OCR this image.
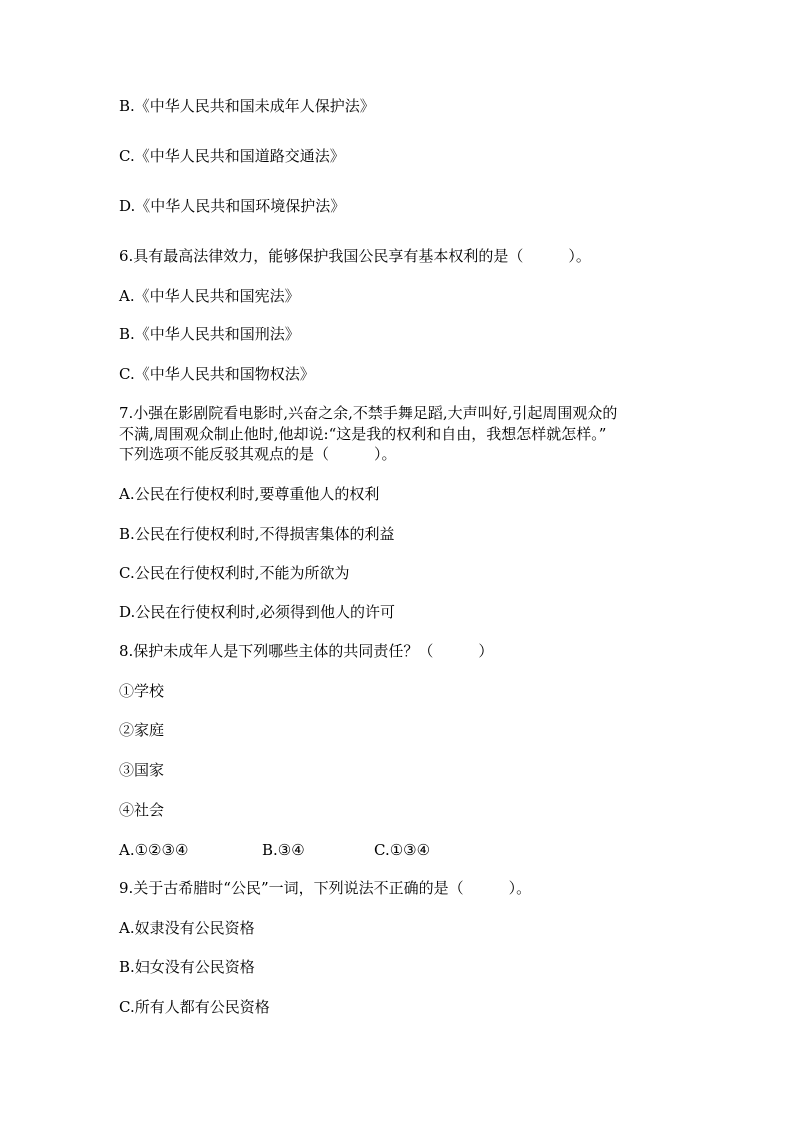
B.《中华人民共和国未成年人保护法》
C.《中华人民共和国道路交通法》
D.《中华人民共和国环境保护法》
6.具有最高法律效力，能够保护我国公民享有基本权利的是（　　　）。
A.《中华人民共和国宪法》
B.《中华人民共和国刑法》
C.《中华人民共和国物权法》
7.小强在影剧院看电影时,兴奋之余,不禁手舞足蹈,大声叫好,引起周围观众的
不满,周围观众制止他时,他却说:“这是我的权利和自由，我想怎样就怎样。”
下列选项不能反驳其观点的是（　　　）。
A.公民在行使权利时,要尊重他人的权利
B.公民在行使权利时,不得损害集体的利益
C.公民在行使权利时,不能为所欲为
D.公民在行使权利时,必须得到他人的许可
8.保护未成年人是下列哪些主体的共同责任？（　　　）
①学校
②家庭
③国家
④社会
A.①②③④	B.③④	C.①③④
9.关于古希腊时“公民”一词，下列说法不正确的是（　　　）。
A.奴隶没有公民资格
B.妇女没有公民资格
C.所有人都有公民资格
